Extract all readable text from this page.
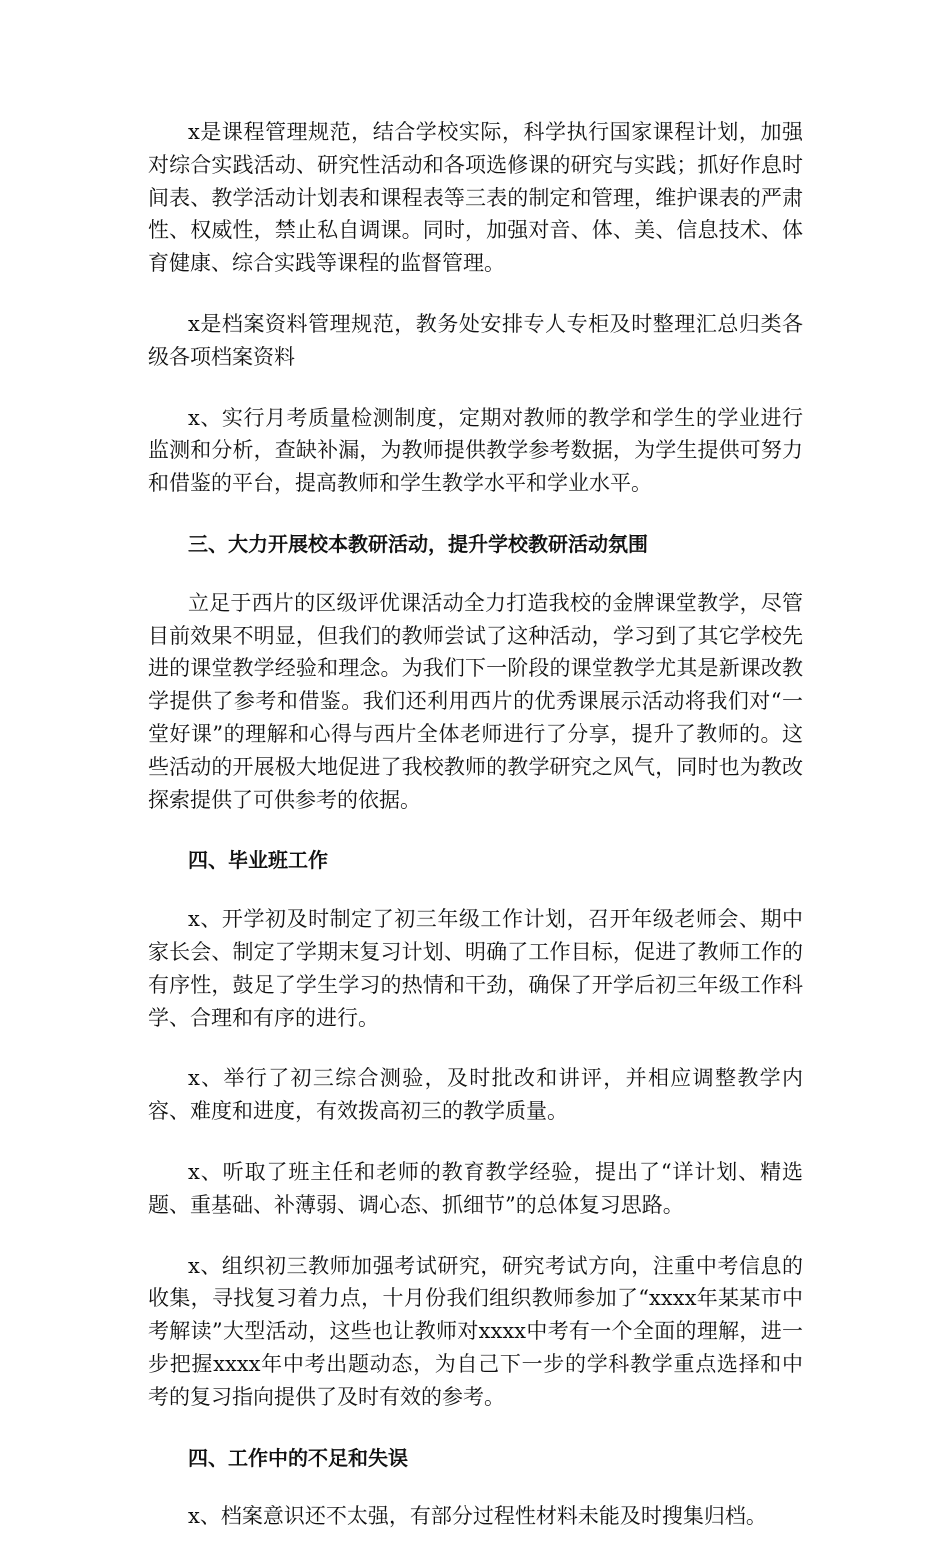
x是课程管理规范，结合学校实际，科学执行国家课程计划，加强对综合实践活动、研究性活动和各项选修课的研究与实践；抓好作息时间表、教学活动计划表和课程表等三表的制定和管理，维护课表的严肃性、权威性，禁止私自调课。同时，加强对音、体、美、信息技术、体育健康、综合实践等课程的监督管理。

x是档案资料管理规范，教务处安排专人专柜及时整理汇总归类各级各项档案资料

x、实行月考质量检测制度，定期对教师的教学和学生的学业进行监测和分析，查缺补漏，为教师提供教学参考数据，为学生提供可努力和借鉴的平台，提高教师和学生教学水平和学业水平。

三、大力开展校本教研活动，提升学校教研活动氛围

立足于西片的区级评优课活动全力打造我校的金牌课堂教学，尽管目前效果不明显，但我们的教师尝试了这种活动，学习到了其它学校先进的课堂教学经验和理念。为我们下一阶段的课堂教学尤其是新课改教学提供了参考和借鉴。我们还利用西片的优秀课展示活动将我们对“一堂好课”的理解和心得与西片全体老师进行了分享，提升了教师的。这些活动的开展极大地促进了我校教师的教学研究之风气，同时也为教改探索提供了可供参考的依据。

四、毕业班工作

x、开学初及时制定了初三年级工作计划，召开年级老师会、期中家长会、制定了学期末复习计划、明确了工作目标，促进了教师工作的有序性，鼓足了学生学习的热情和干劲，确保了开学后初三年级工作科学、合理和有序的进行。

x、举行了初三综合测验，及时批改和讲评，并相应调整教学内容、难度和进度，有效拨高初三的教学质量。

x、听取了班主任和老师的教育教学经验，提出了“详计划、精选题、重基础、补薄弱、调心态、抓细节”的总体复习思路。

x、组织初三教师加强考试研究，研究考试方向，注重中考信息的收集，寻找复习着力点，十月份我们组织教师参加了“xxxx年某某市中考解读”大型活动，这些也让教师对xxxx中考有一个全面的理解，进一步把握xxxx年中考出题动态，为自己下一步的学科教学重点选择和中考的复习指向提供了及时有效的参考。

四、工作中的不足和失误

x、档案意识还不太强，有部分过程性材料未能及时搜集归档。
